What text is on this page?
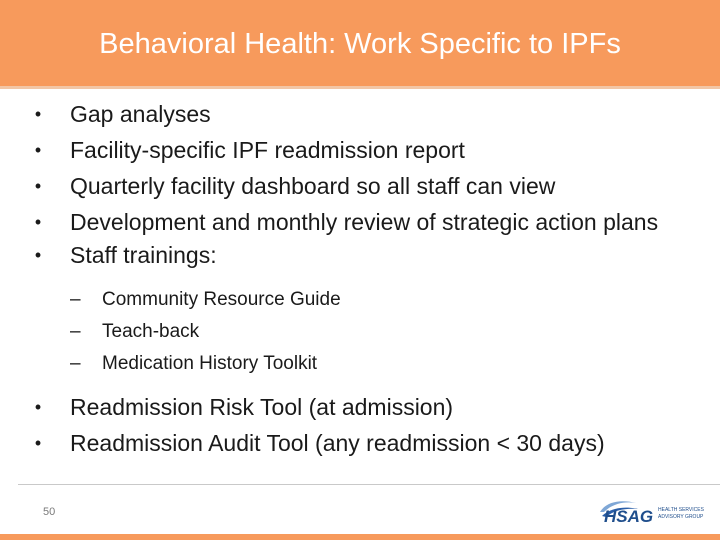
Behavioral Health: Work Specific to IPFs
• Gap analyses
• Facility-specific IPF readmission report
• Quarterly facility dashboard so all staff can view
• Development and monthly review of strategic action plans
• Staff trainings:
– Community Resource Guide
– Teach-back
– Medication History Toolkit
• Readmission Risk Tool (at admission)
• Readmission Audit Tool (any readmission < 30 days)
50	HSAG HEALTH SERVICES
ADVISORY GROUP
